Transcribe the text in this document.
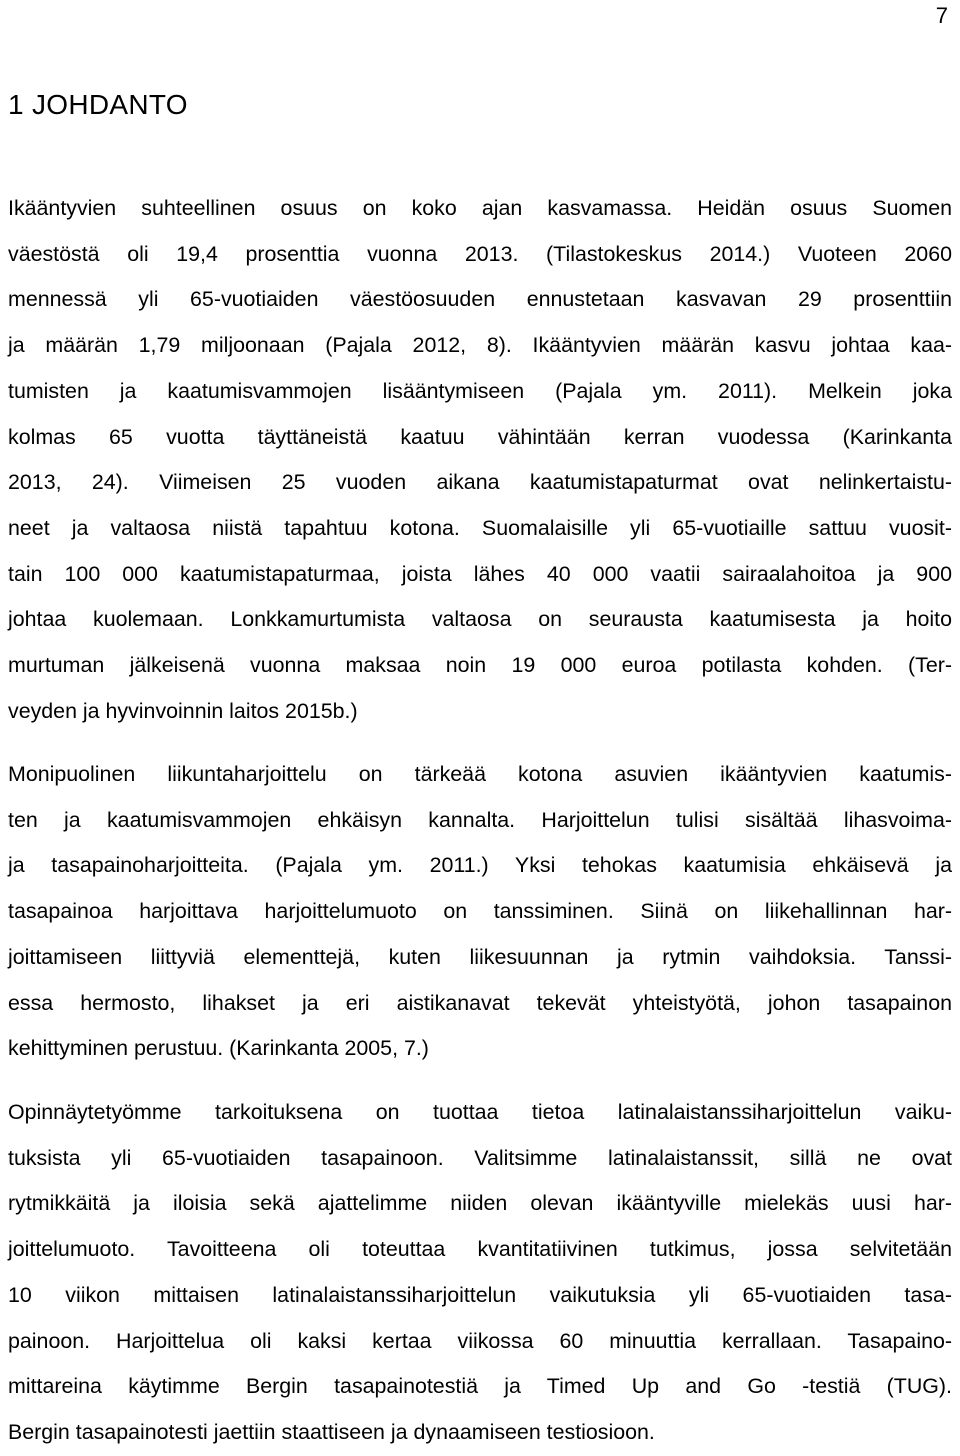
7
1 JOHDANTO
Ikääntyvien suhteellinen osuus on koko ajan kasvamassa. Heidän osuus Suomen
väestöstä oli 19,4 prosenttia vuonna 2013. (Tilastokeskus 2014.) Vuoteen 2060
mennessä yli 65-vuotiaiden väestöosuuden ennustetaan kasvavan 29 prosenttiin
ja määrän 1,79 miljoonaan (Pajala 2012, 8). Ikääntyvien määrän kasvu johtaa kaa-
tumisten ja kaatumisvammojen lisääntymiseen (Pajala ym. 2011). Melkein joka
kolmas 65 vuotta täyttäneistä kaatuu vähintään kerran vuodessa (Karinkanta
2013, 24). Viimeisen 25 vuoden aikana kaatumistapaturmat ovat nelinkertaistu-
neet ja valtaosa niistä tapahtuu kotona. Suomalaisille yli 65-vuotiaille sattuu vuosit-
tain 100 000 kaatumistapaturmaa, joista lähes 40 000 vaatii sairaalahoitoa ja 900
johtaa kuolemaan. Lonkkamurtumista valtaosa on seurausta kaatumisesta ja hoito
murtuman jälkeisenä vuonna maksaa noin 19 000 euroa potilasta kohden. (Ter-
veyden ja hyvinvoinnin laitos 2015b.)
Monipuolinen liikuntaharjoittelu on tärkeää kotona asuvien ikääntyvien kaatumis-
ten ja kaatumisvammojen ehkäisyn kannalta. Harjoittelun tulisi sisältää lihasvoima-
ja tasapainoharjoitteita. (Pajala ym. 2011.) Yksi tehokas kaatumisia ehkäisevä ja
tasapainoa harjoittava harjoittelumuoto on tanssiminen. Siinä on liikehallinnan har-
joittamiseen liittyviä elementtejä, kuten liikesuunnan ja rytmin vaihdoksia. Tanssi-
essa hermosto, lihakset ja eri aistikanavat tekevät yhteistyötä, johon tasapainon
kehittyminen perustuu. (Karinkanta 2005, 7.)
Opinnäytetyömme tarkoituksena on tuottaa tietoa latinalaistanssiharjoittelun vaiku-
tuksista yli 65-vuotiaiden tasapainoon. Valitsimme latinalaistanssit, sillä ne ovat
rytmikkäitä ja iloisia sekä ajattelimme niiden olevan ikääntyville mielekäs uusi har-
joittelumuoto. Tavoitteena oli toteuttaa kvantitatiivinen tutkimus, jossa selvitetään
10 viikon mittaisen latinalaistanssiharjoittelun vaikutuksia yli 65-vuotiaiden tasa-
painoon. Harjoittelua oli kaksi kertaa viikossa 60 minuuttia kerrallaan. Tasapaino-
mittareina käytimme Bergin tasapainotestiä ja Timed Up and Go -testiä (TUG).
Bergin tasapainotesti jaettiin staattiseen ja dynaamiseen testiosioon.
